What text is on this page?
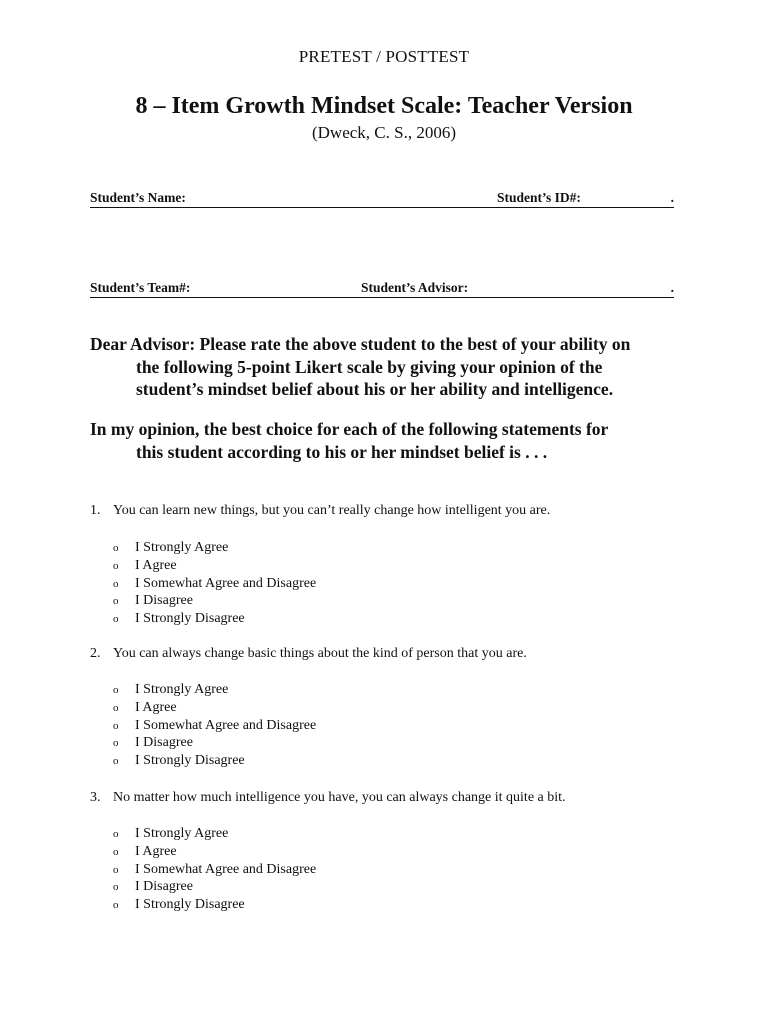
PRETEST / POSTTEST
8 – Item Growth Mindset Scale: Teacher Version
(Dweck, C. S., 2006)
Student’s Name:	Student’s ID#:	.
Student’s Team#:	Student’s Advisor:	.
Dear Advisor: Please rate the above student to the best of your ability on
the following 5-point Likert scale by giving your opinion of the
student’s mindset belief about his or her ability and intelligence.
In my opinion, the best choice for each of the following statements for
this student according to his or her mindset belief is . . .
1. You can learn new things, but you can’t really change how intelligent you are.
o I Strongly Agree
o I Agree
o I Somewhat Agree and Disagree
o I Disagree
o I Strongly Disagree
2. You can always change basic things about the kind of person that you are.
o I Strongly Agree
o I Agree
o I Somewhat Agree and Disagree
o I Disagree
o I Strongly Disagree
3. No matter how much intelligence you have, you can always change it quite a bit.
o I Strongly Agree
o I Agree
o I Somewhat Agree and Disagree
o I Disagree
o I Strongly Disagree
